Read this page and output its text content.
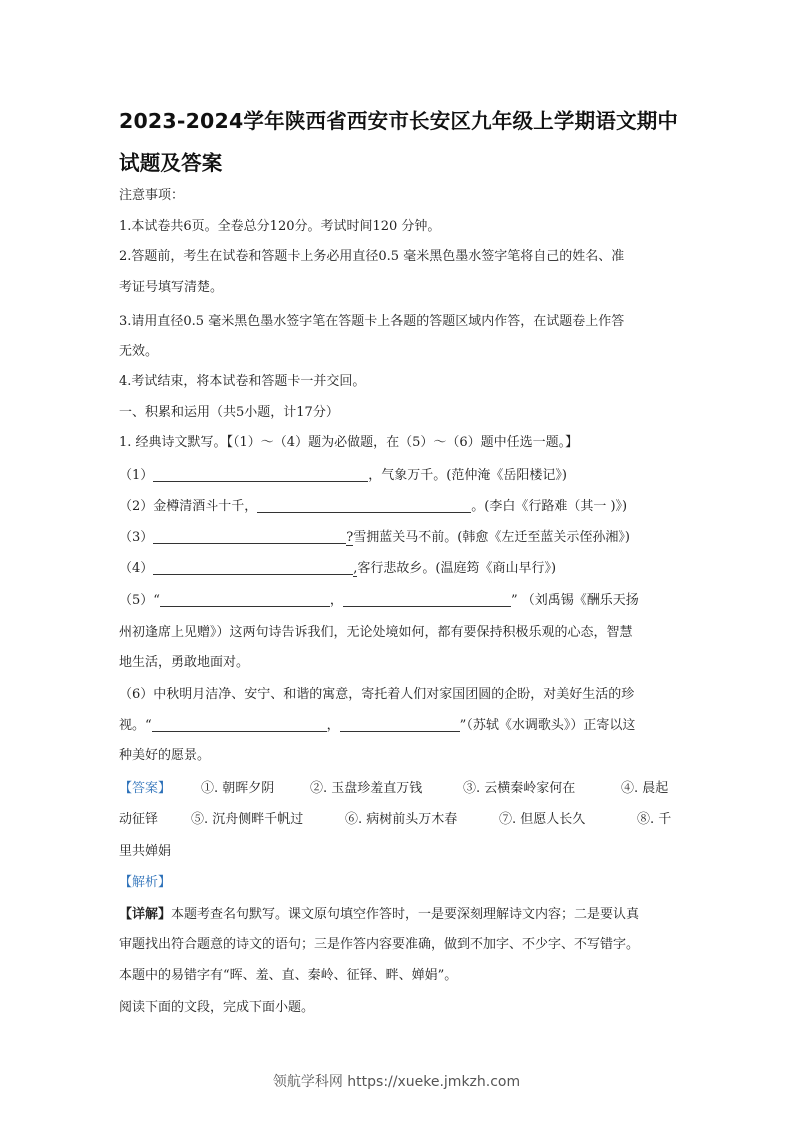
2023-2024学年陕西省西安市长安区九年级上学期语文期中
试题及答案
注意事项：
1.本试卷共6页。全卷总分120分。考试时间120 分钟。
2.答题前，考生在试卷和答题卡上务必用直径0.5 毫米黑色墨水签字笔将自己的姓名、准
考证号填写清楚。
3.请用直径0.5 毫米黑色墨水签字笔在答题卡上各题的答题区域内作答，在试题卷上作答
无效。
4.考试结束，将本试卷和答题卡一并交回。
一、积累和运用（共5小题，计17分）
1. 经典诗文默写。【（1）～（4）题为必做题，在（5）～（6）题中任选一题。】
（1）	，气象万千。(范仲淹《岳阳楼记》)
（2）金樽清酒斗十千，	。(李白《行路难（其一 )》)
（3）	?雪拥蓝关马不前。(韩愈《左迁至蓝关示侄孙湘》)
（4）	,客行悲故乡。(温庭筠《商山早行》)
（5）“	，	” （刘禹锡《酬乐天扬
州初逢席上见赠》）这两句诗告诉我们，无论处境如何，都有要保持积极乐观的心态，智慧
地生活，勇敢地面对。
（6）中秋明月洁净、安宁、和谐的寓意，寄托着人们对家国团圆的企盼，对美好生活的珍
视。“	，	”（苏轼《水调歌头》）正寄以这
种美好的愿景。
【答案】 ①. 朝晖夕阴	②. 玉盘珍羞直万钱	③. 云横秦岭家何在	④. 晨起
动征铎	⑤. 沉舟侧畔千帆过	⑥. 病树前头万木春	⑦. 但愿人长久	⑧. 千
里共婵娟
【解析】
【详解】本题考查名句默写。课文原句填空作答时，一是要深刻理解诗文内容；二是要认真
审题找出符合题意的诗文的语句；三是作答内容要准确，做到不加字、不少字、不写错字。
本题中的易错字有“晖、羞、直、秦岭、征铎、畔、婵娟”。
阅读下面的文段，完成下面小题。
领航学科网 https://xueke.jmkzh.com
